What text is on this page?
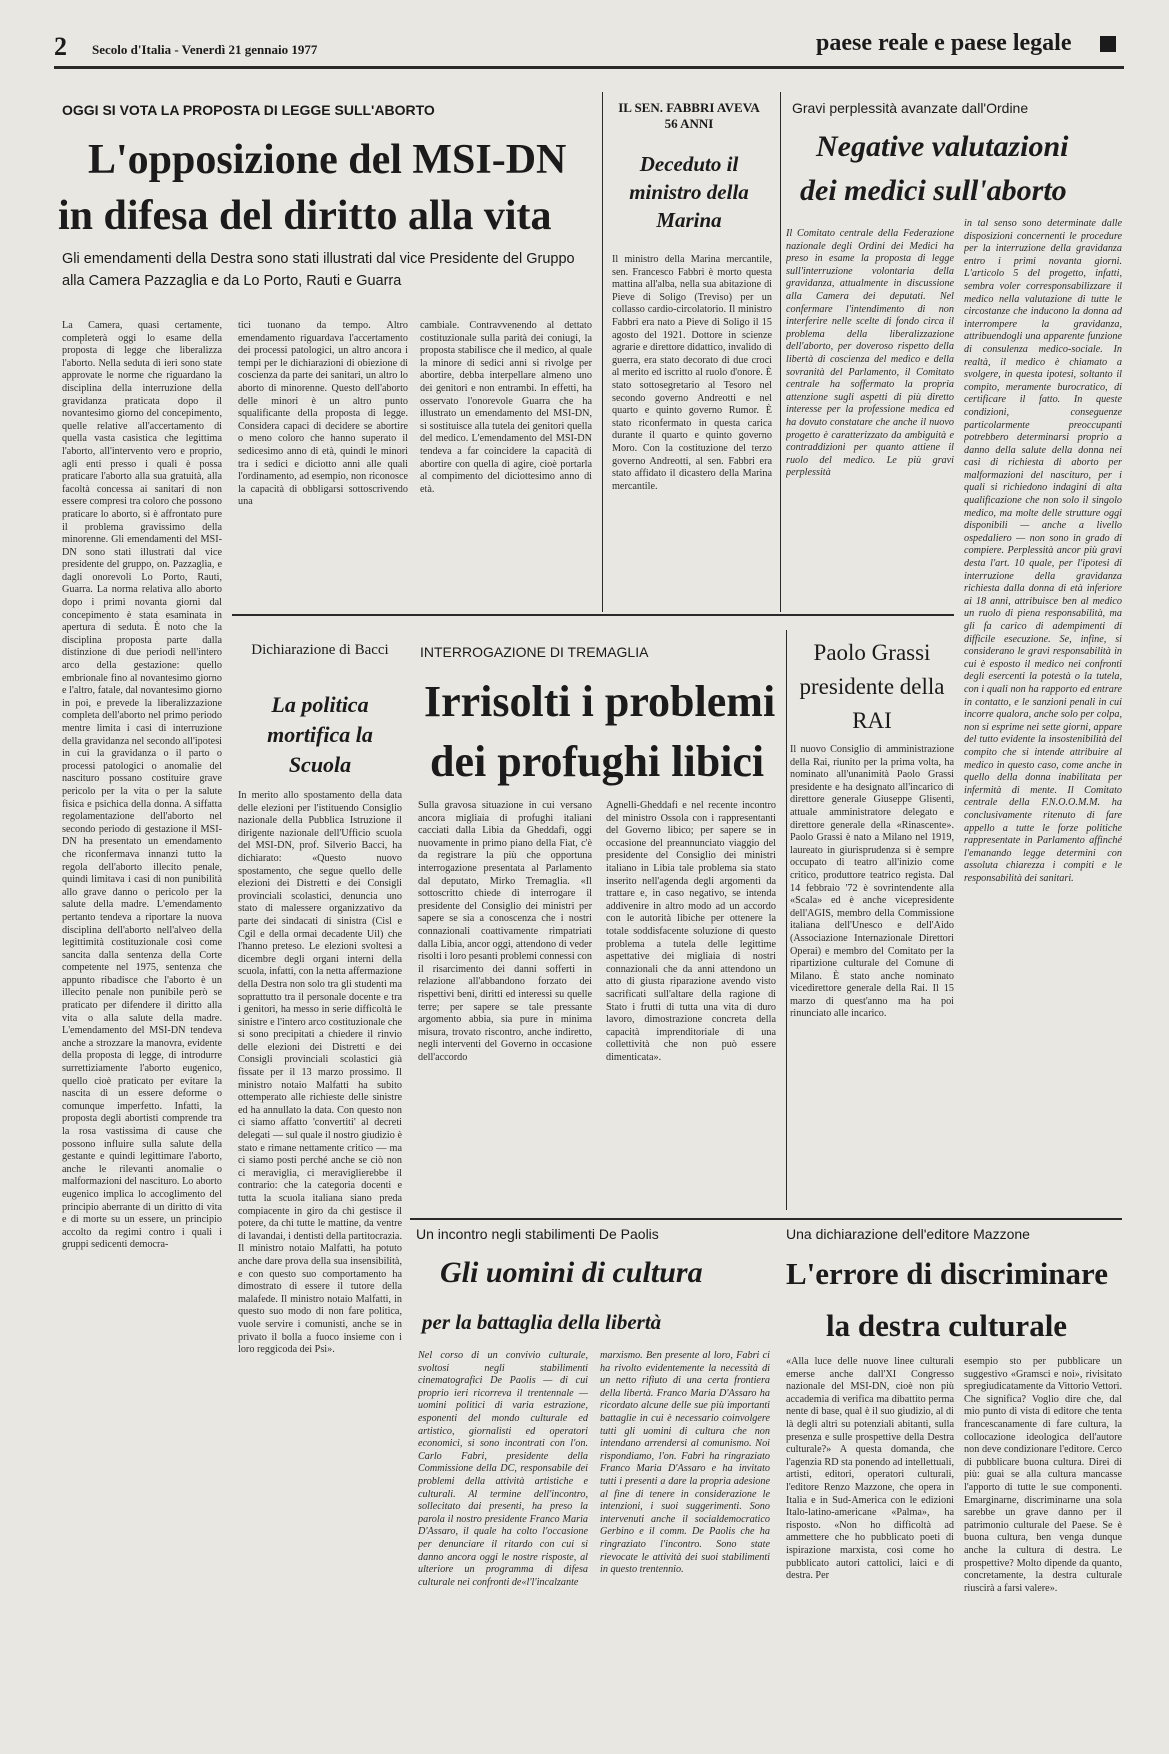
2 Secolo d'Italia - Venerdì 21 gennaio 1977	paese reale e paese legale
OGGI SI VOTA LA PROPOSTA DI LEGGE SULL'ABORTO
L'opposizione del MSI-DN
in difesa del diritto alla vita
Gli emendamenti della Destra sono stati illustrati dal vice Presidente del Gruppo alla Camera Pazzaglia e da Lo Porto, Rauti e Guarra
La Camera, quasi certamente, completerà oggi lo esame della proposta di legge che liberalizza l'aborto. Nella seduta di ieri sono state approvate le norme che riguardano la disciplina della interruzione della gravidanza praticata dopo il novantesimo giorno del concepimento, quelle relative all'accertamento di quella vasta casistica che legittima l'aborto, all'intervento vero e proprio, agli enti presso i quali è possa praticare l'aborto alla sua gratuità, alla facoltà concessa ai sanitari di non essere compresi tra coloro che possono praticare lo aborto, si è affrontato pure il problema gravissimo della minorenne. Gli emendamenti del MSI-DN sono stati illustrati dal vice presidente del gruppo, on. Pazzaglia, e dagli onorevoli Lo Porto, Rauti, Guarra. La norma relativa allo aborto dopo i primi novanta giorni dal concepimento è stata esaminata in apertura di seduta. È noto che la disciplina proposta parte dalla distinzione di due periodi nell'intero arco della gestazione: quello embrionale fino al novantesimo giorno e l'altro, fatale, dal novantesimo giorno in poi, e prevede la liberalizzazione completa dell'aborto nel primo periodo mentre limita i casi di interruzione della gravidanza nel secondo all'ipotesi in cui la gravidanza o il parto o processi patologici o anomalie del nascituro possano costituire grave pericolo per la vita o per la salute fisica e psichica della donna. A siffatta regolamentazione dell'aborto nel secondo periodo di gestazione il MSI-DN ha presentato un emendamento che riconfermava innanzi tutto la regola dell'aborto illecito penale, quindi limitava i casi di non punibilità allo grave danno o pericolo per la salute della madre. L'emendamento pertanto tendeva a riportare la nuova disciplina dell'aborto nell'alveo della legittimità costituzionale così come sancita dalla sentenza della Corte competente nel 1975, sentenza che appunto ribadisce che l'aborto è un illecito penale non punibile però se praticato per difendere il diritto alla vita o alla salute della madre. L'emendamento del MSI-DN tendeva anche a strozzare la manovra, evidente della proposta di legge, di introdurre surrettiziamente l'aborto eugenico, quello cioè praticato per evitare la nascita di un essere deforme o comunque imperfetto. Infatti, la proposta degli abortisti comprende tra la rosa vastissima di cause che possono influire sulla salute della gestante e quindi legittimare l'aborto, anche le rilevanti anomalie o malformazioni del nascituro. Lo aborto eugenico implica lo accoglimento del principio aberrante di un diritto di vita e di morte su un essere, un principio accolto da regimi contro i quali i gruppi sedicenti democra-
tici tuonano da tempo. Altro emendamento riguardava l'accertamento dei processi patologici, un altro ancora i tempi per le dichiarazioni di obiezione di coscienza da parte dei sanitari, un altro lo aborto di minorenne. Questo dell'aborto delle minori è un altro punto squalificante della proposta di legge. Considera capaci di decidere se abortire o meno coloro che hanno superato il sedicesimo anno di età, quindi le minori tra i sedici e diciotto anni alle quali l'ordinamento, ad esempio, non riconosce la capacità di obbligarsi sottoscrivendo una
cambiale. Contravvenendo al dettato costituzionale sulla parità dei coniugi, la proposta stabilisce che il medico, al quale la minore di sedici anni si rivolge per abortire, debba interpellare almeno uno dei genitori e non entrambi. In effetti, ha osservato l'onorevole Guarra che ha illustrato un emendamento del MSI-DN, si sostituisce alla tutela dei genitori quella del medico. L'emendamento del MSI-DN tendeva a far coincidere la capacità di abortire con quella di agire, cioè portarla al compimento del diciottesimo anno di età.
IL SEN. FABBRI AVEVA 56 ANNI
Deceduto il ministro della Marina
Il ministro della Marina mercantile, sen. Francesco Fabbri è morto questa mattina all'alba, nella sua abitazione di Pieve di Soligo (Treviso) per un collasso cardio-circolatorio. Il ministro Fabbri era nato a Pieve di Soligo il 15 agosto del 1921. Dottore in scienze agrarie e direttore didattico, invalido di guerra, era stato decorato di due croci al merito ed iscritto al ruolo d'onore. È stato sottosegretario al Tesoro nel secondo governo Andreotti e nel quarto e quinto governo Rumor. È stato riconfermato in questa carica durante il quarto e quinto governo Moro. Con la costituzione del terzo governo Andreotti, al sen. Fabbri era stato affidato il dicastero della Marina mercantile.
Gravi perplessità avanzate dall'Ordine
Negative valutazioni
dei medici sull'aborto
Il Comitato centrale della Federazione nazionale degli Ordini dei Medici ha preso in esame la proposta di legge sull'interruzione volontaria della gravidanza, attualmente in discussione alla Camera dei deputati. Nel confermare l'intendimento di non interferire nelle scelte di fondo circa il problema della liberalizzazione dell'aborto, per doveroso rispetto della libertà di coscienza del medico e della sovranità del Parlamento, il Comitato centrale ha soffermato la propria attenzione sugli aspetti di più diretto interesse per la professione medica ed ha dovuto constatare che anche il nuovo progetto è caratterizzato da ambiguità e contraddizioni per quanto attiene il ruolo del medico. Le più gravi perplessità
in tal senso sono determinate dalle disposizioni concernenti le procedure per la interruzione della gravidanza entro i primi novanta giorni. L'articolo 5 del progetto, infatti, sembra voler corresponsabilizzare il medico nella valutazione di tutte le circostanze che inducono la donna ad interrompere la gravidanza, attribuendogli una apparente funzione di consulenza medico-sociale. In realtà, il medico è chiamato a svolgere, in questa ipotesi, soltanto il compito, meramente burocratico, di certificare il fatto. In queste condizioni, conseguenze particolarmente preoccupanti potrebbero determinarsi proprio a danno della salute della donna nei casi di richiesta di aborto per malformazioni del nascituro, per i quali si richiedono indagini di alta qualificazione che non solo il singolo medico, ma molte delle strutture oggi disponibili — anche a livello ospedaliero — non sono in grado di compiere. Perplessità ancor più gravi desta l'art. 10 quale, per l'ipotesi di interruzione della gravidanza richiesta dalla donna di età inferiore ai 18 anni, attribuisce ben al medico un ruolo di piena responsabilità, ma gli fa carico di adempimenti di difficile esecuzione. Se, infine, si considerano le gravi responsabilità in cui è esposto il medico nei confronti degli esercenti la potestà o la tutela, con i quali non ha rapporto ed entrare in contatto, e le sanzioni penali in cui incorre qualora, anche solo per colpa, non si esprime nei sette giorni, appare del tutto evidente la insostenibilità del compito che si intende attribuire al medico in questo caso, come anche in quello della donna inabilitata per infermità di mente. Il Comitato centrale della F.N.O.O.M.M. ha conclusivamente ritenuto di fare appello a tutte le forze politiche rappresentate in Parlamento affinché l'emanando legge determini con assoluta chiarezza i compiti e le responsabilità dei sanitari.
Dichiarazione di Bacci
La politica mortifica la Scuola
In merito allo spostamento della data delle elezioni per l'istituendo Consiglio nazionale della Pubblica Istruzione il dirigente nazionale dell'Ufficio scuola del MSI-DN, prof. Silverio Bacci, ha dichiarato: «Questo nuovo spostamento, che segue quello delle elezioni dei Distretti e dei Consigli provinciali scolastici, denuncia uno stato di malessere organizzativo da parte dei sindacati di sinistra (Cisl e Cgil e della ormai decadente Uil) che l'hanno preteso. Le elezioni svoltesi a dicembre degli organi interni della scuola, infatti, con la netta affermazione della Destra non solo tra gli studenti ma soprattutto tra il personale docente e tra i genitori, ha messo in serie difficoltà le sinistre e l'intero arco costituzionale che si sono precipitati a chiedere il rinvio delle elezioni dei Distretti e dei Consigli provinciali scolastici già fissate per il 13 marzo prossimo. Il ministro notaio Malfatti ha subito ottemperato alle richieste delle sinistre ed ha annullato la data. Con questo non ci siamo affatto 'convertiti' al decreti delegati — sul quale il nostro giudizio è stato e rimane nettamente critico — ma ci siamo posti perché anche se ciò non ci meraviglia, ci meraviglierebbe il contrario: che la categoria docenti e tutta la scuola italiana siano preda compiacente in giro da chi gestisce il potere, da chi tutte le mattine, da ventre di lavandai, i dentisti della partitocrazia. Il ministro notaio Malfatti, ha potuto anche dare prova della sua insensibilità, e con questo suo comportamento ha dimostrato di essere il tutore della malafede. Il ministro notaio Malfatti, in questo suo modo di non fare politica, vuole servire i comunisti, anche se in privato il bolla a fuoco insieme con i loro reggicoda dei Psi».
INTERROGAZIONE DI TREMAGLIA
Irrisolti i problemi
dei profughi libici
Sulla gravosa situazione in cui versano ancora migliaia di profughi italiani cacciati dalla Libia da Gheddafi, oggi nuovamente in primo piano della Fiat, c'è da registrare la più che opportuna interrogazione presentata al Parlamento dal deputato, Mirko Tremaglia. «Il sottoscritto chiede di interrogare il presidente del Consiglio dei ministri per sapere se sia a conoscenza che i nostri connazionali coattivamente rimpatriati dalla Libia, ancor oggi, attendono di veder risolti i loro pesanti problemi connessi con il risarcimento dei danni sofferti in relazione all'abbandono forzato dei rispettivi beni, diritti ed interessi su quelle terre; per sapere se tale pressante argomento abbia, sia pure in minima misura, trovato riscontro, anche indiretto, negli interventi del Governo in occasione dell'accordo
Agnelli-Gheddafi e nel recente incontro del ministro Ossola con i rappresentanti del Governo libico; per sapere se in occasione del preannunciato viaggio del presidente del Consiglio dei ministri italiano in Libia tale problema sia stato inserito nell'agenda degli argomenti da trattare e, in caso negativo, se intenda addivenire in altro modo ad un accordo con le autorità libiche per ottenere la totale soddisfacente soluzione di questo problema a tutela delle legittime aspettative dei migliaia di nostri connazionali che da anni attendono un atto di giusta riparazione avendo visto sacrificati sull'altare della ragione di Stato i frutti di tutta una vita di duro lavoro, dimostrazione concreta della capacità imprenditoriale di una collettività che non può essere dimenticata».
Paolo Grassi presidente della RAI
Il nuovo Consiglio di amministrazione della Rai, riunito per la prima volta, ha nominato all'unanimità Paolo Grassi presidente e ha designato all'incarico di direttore generale Giuseppe Glisenti, attuale amministratore delegato e direttore generale della «Rinascente». Paolo Grassi è nato a Milano nel 1919, laureato in giurisprudenza si è sempre occupato di teatro all'inizio come critico, produttore teatrico regista. Dal 14 febbraio '72 è sovrintendente alla «Scala» ed è anche vicepresidente dell'AGIS, membro della Commissione italiana dell'Unesco e dell'Aido (Associazione Internazionale Direttori Operai) e membro del Comitato per la ripartizione culturale del Comune di Milano. È stato anche nominato vicedirettore generale della Rai. Il 15 marzo di quest'anno ma ha poi rinunciato alle incarico.
Un incontro negli stabilimenti De Paolis
Gli uomini di cultura
per la battaglia della libertà
Nel corso di un convivio culturale, svoltosi negli stabilimenti cinematografici De Paolis — di cui proprio ieri ricorreva il trentennale — uomini politici di varia estrazione, esponenti del mondo culturale ed artistico, giornalisti ed operatori economici, si sono incontrati con l'on. Carlo Fabri, presidente della Commissione della DC, responsabile dei problemi della attività artistiche e culturali. Al termine dell'incontro, sollecitato dai presenti, ha preso la parola il nostro presidente Franco Maria D'Assaro, il quale ha colto l'occasione per denunciare il ritardo con cui si danno ancora oggi le nostre risposte, al ulteriore un programma di difesa culturale nei confronti de«l'l'incalzante
marxismo. Ben presente al loro, Fabri ci ha rivolto evidentemente la necessità di un netto rifiuto di una certa frontiera della libertà. Franco Maria D'Assaro ha ricordato alcune delle sue più importanti battaglie in cui è necessario coinvolgere tutti gli uomini di cultura che non intendano arrendersi al comunismo. Noi rispondiamo, l'on. Fabri ha ringraziato Franco Maria D'Assaro e ha invitato tutti i presenti a dare la propria adesione al fine di tenere in considerazione le intenzioni, i suoi suggerimenti. Sono intervenuti anche il socialdemocratico Gerbino e il comm. De Paolis che ha ringraziato l'incontro. Sono state rievocate le attività dei suoi stabilimenti in questo trentennio.
Una dichiarazione dell'editore Mazzone
L'errore di discriminare
la destra culturale
«Alla luce delle nuove linee culturali emerse anche dall'XI Congresso nazionale del MSI-DN, cioè non più accademia di verifica ma dibattito perma nente di base, qual è il suo giudizio, al di là degli altri su potenziali abitanti, sulla presenza e sulle prospettive della Destra culturale?» A questa domanda, che l'agenzia RD sta ponendo ad intellettuali, artisti, editori, operatori culturali, l'editore Renzo Mazzone, che opera in Italia e in Sud-America con le edizioni Italo-latino-americane «Palma», ha risposto. «Non ho difficoltà ad ammettere che ho pubblicato poeti di ispirazione marxista, così come ho pubblicato autori cattolici, laici e di destra. Per
esempio sto per pubblicare un suggestivo «Gramsci e noi», rivisitato spregiudicatamente da Vittorio Vettori. Che significa? Voglio dire che, dal mio punto di vista di editore che tenta francescanamente di fare cultura, la collocazione ideologica dell'autore non deve condizionare l'editore. Cerco di pubblicare buona cultura. Direi di più: guai se alla cultura mancasse l'apporto di tutte le sue componenti. Emarginarne, discriminarne una sola sarebbe un grave danno per il patrimonio culturale del Paese. Se è buona cultura, ben venga dunque anche la cultura di destra. Le prospettive? Molto dipende da quanto, concretamente, la destra culturale riuscirà a farsi valere».
